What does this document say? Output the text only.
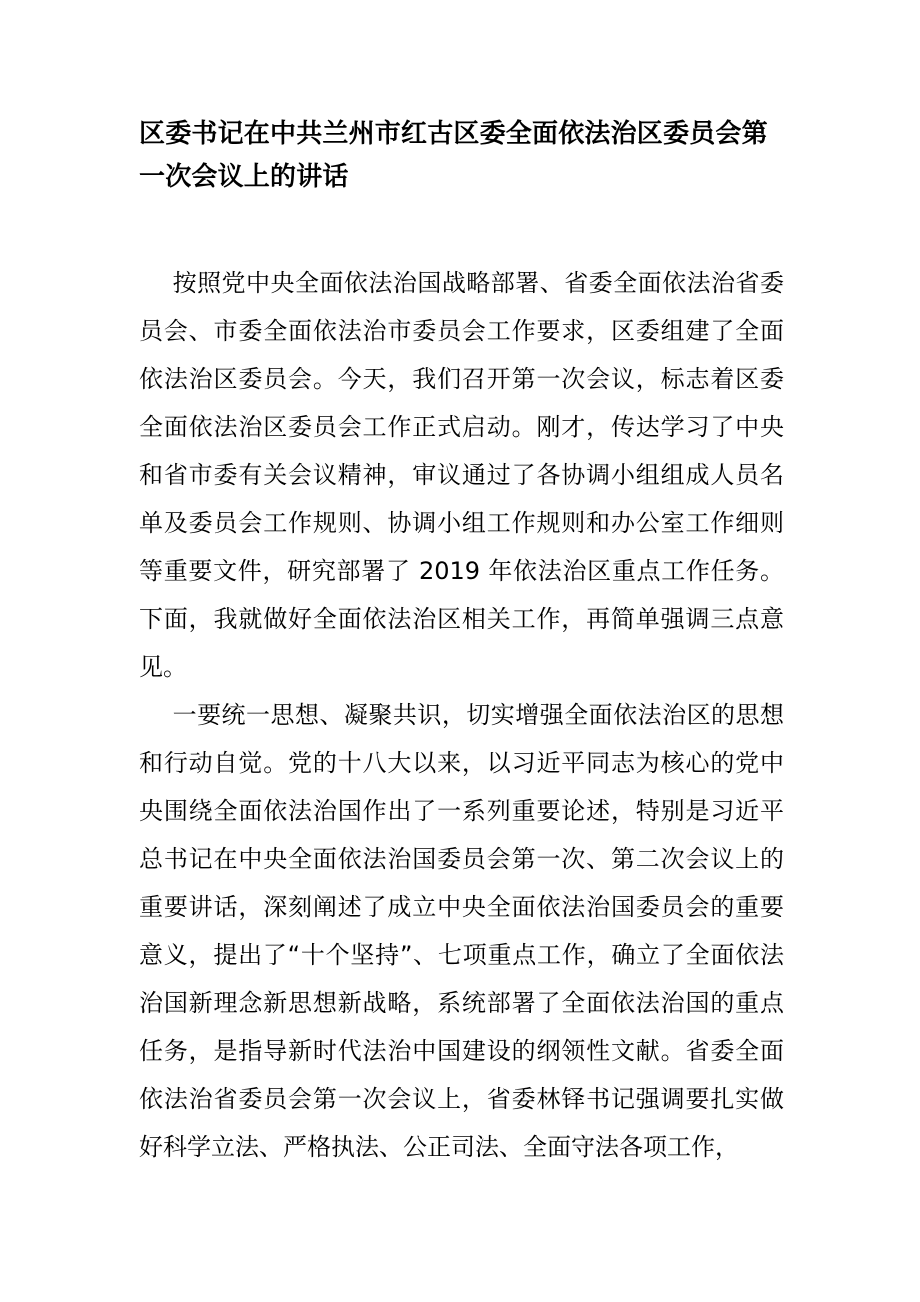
区委书记在中共兰州市红古区委全面依法治区委员会第一次会议上的讲话

按照党中央全面依法治国战略部署、省委全面依法治省委员会、市委全面依法治市委员会工作要求，区委组建了全面依法治区委员会。今天，我们召开第一次会议，标志着区委全面依法治区委员会工作正式启动。刚才，传达学习了中央和省市委有关会议精神，审议通过了各协调小组组成人员名单及委员会工作规则、协调小组工作规则和办公室工作细则等重要文件，研究部署了 2019 年依法治区重点工作任务。下面，我就做好全面依法治区相关工作，再简单强调三点意见。

一要统一思想、凝聚共识，切实增强全面依法治区的思想和行动自觉。党的十八大以来，以习近平同志为核心的党中央围绕全面依法治国作出了一系列重要论述，特别是习近平总书记在中央全面依法治国委员会第一次、第二次会议上的重要讲话，深刻阐述了成立中央全面依法治国委员会的重要意义，提出了“十个坚持”、七项重点工作，确立了全面依法治国新理念新思想新战略，系统部署了全面依法治国的重点任务，是指导新时代法治中国建设的纲领性文献。省委全面依法治省委员会第一次会议上，省委林铎书记强调要扎实做好科学立法、严格执法、公正司法、全面守法各项工作，
